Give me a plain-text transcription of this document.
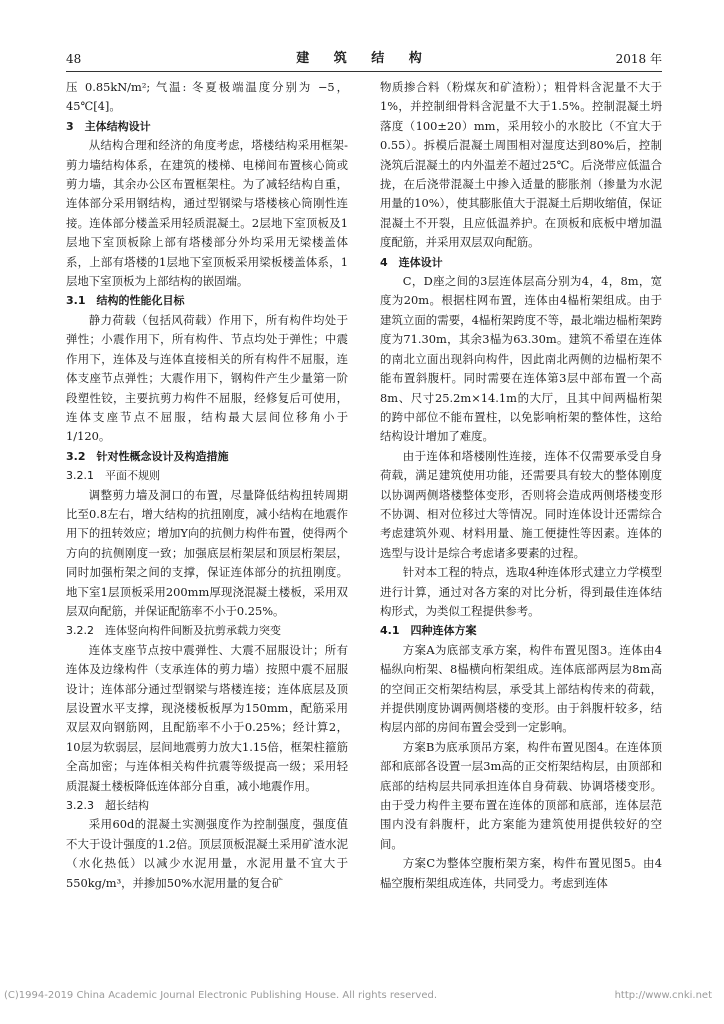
48	建 筑 结 构	2018 年

压 0.85kN/m²; 气温: 冬夏极端温度分别为 −5，45℃[4]。

3　主体结构设计

从结构合理和经济的角度考虑，塔楼结构采用框架-剪力墙结构体系，在建筑的楼梯、电梯间布置核心筒或剪力墙，其余办公区布置框架柱。为了减轻结构自重，连体部分采用钢结构，通过型钢梁与塔楼核心筒刚性连接。连体部分楼盖采用轻质混凝土。2层地下室顶板及1层地下室顶板除上部有塔楼部分外均采用无梁楼盖体系，上部有塔楼的1层地下室顶板采用梁板楼盖体系，1层地下室顶板为上部结构的嵌固端。

3.1　结构的性能化目标

静力荷载（包括风荷载）作用下，所有构件均处于弹性；小震作用下，所有构件、节点均处于弹性；中震作用下，连体及与连体直接相关的所有构件不屈服，连体支座节点弹性；大震作用下，钢构件产生少量第一阶段塑性铰，主要抗剪力构件不屈服，经修复后可使用，连体支座节点不屈服，结构最大层间位移角小于1/120。

3.2　针对性概念设计及构造措施
3.2.1　平面不规则

调整剪力墙及洞口的布置，尽量降低结构扭转周期比至0.8左右，增大结构的抗扭刚度，减小结构在地震作用下的扭转效应；增加Y向的抗侧力构件布置，使得两个方向的抗侧刚度一致；加强底层桁架层和顶层桁架层，同时加强桁架之间的支撑，保证连体部分的抗扭刚度。地下室1层顶板采用200mm厚现浇混凝土楼板，采用双层双向配筋，并保证配筋率不小于0.25%。

3.2.2　连体竖向构件间断及抗剪承载力突变

连体支座节点按中震弹性、大震不屈服设计；所有连体及边缘构件（支承连体的剪力墙）按照中震不屈服设计；连体部分通过型钢梁与塔楼连接；连体底层及顶层设置水平支撑，现浇楼板板厚为150mm，配筋采用双层双向钢筋网，且配筋率不小于0.25%；经计算2，10层为软弱层，层间地震剪力放大1.15倍，框架柱箍筋全高加密；与连体相关构件抗震等级提高一级；采用轻质混凝土楼板降低连体部分自重，减小地震作用。

3.2.3　超长结构

采用60d的混凝土实测强度作为控制强度，强度值不大于设计强度的1.2倍。顶层顶板混凝土采用矿渣水泥（水化热低）以减少水泥用量，水泥用量不宜大于550kg/m³，并掺加50%水泥用量的复合矿

物质掺合料（粉煤灰和矿渣粉）；粗骨料含泥量不大于1%，并控制细骨料含泥量不大于1.5%。控制混凝土坍落度（100±20）mm，采用较小的水胶比（不宜大于0.55）。拆模后混凝土周围相对湿度达到80%后，控制浇筑后混凝土的内外温差不超过25℃。后浇带应低温合拢，在后浇带混凝土中掺入适量的膨胀剂（掺量为水泥用量的10%），使其膨胀值大于混凝土后期收缩值，保证混凝土不开裂，且应低温养护。在顶板和底板中增加温度配筋，并采用双层双向配筋。

4　连体设计

C，D座之间的3层连体层高分别为4，4，8m，宽度为20m。根据柱网布置，连体由4榀桁架组成。由于建筑立面的需要，4榀桁架跨度不等，最北端边榀桁架跨度为71.30m，其余3榀为63.30m。建筑不希望在连体的南北立面出现斜向构件，因此南北两侧的边榀桁架不能布置斜腹杆。同时需要在连体第3层中部布置一个高8m、尺寸25.2m×14.1m的大厅，且其中间两榀桁架的跨中部位不能布置柱，以免影响桁架的整体性，这给结构设计增加了难度。

由于连体和塔楼刚性连接，连体不仅需要承受自身荷载，满足建筑使用功能，还需要具有较大的整体刚度以协调两侧塔楼整体变形，否则将会造成两侧塔楼变形不协调、相对位移过大等情况。同时连体设计还需综合考虑建筑外观、材料用量、施工便捷性等因素。连体的选型与设计是综合考虑诸多要素的过程。

针对本工程的特点，选取4种连体形式建立力学模型进行计算，通过对各方案的对比分析，得到最佳连体结构形式，为类似工程提供参考。

4.1　四种连体方案

方案A为底部支承方案，构件布置见图3。连体由4榀纵向桁架、8榀横向桁架组成。连体底部两层为8m高的空间正交桁架结构层，承受其上部结构传来的荷载，并提供刚度协调两侧塔楼的变形。由于斜腹杆较多，结构层内部的房间布置会受到一定影响。

方案B为底承顶吊方案，构件布置见图4。在连体顶部和底部各设置一层3m高的正交桁架结构层，由顶部和底部的结构层共同承担连体自身荷载、协调塔楼变形。由于受力构件主要布置在连体的顶部和底部，连体层范围内没有斜腹杆，此方案能为建筑使用提供较好的空间。

方案C为整体空腹桁架方案，构件布置见图5。由4榀空腹桁架组成连体，共同受力。考虑到连体

(C)1994-2019 China Academic Journal Electronic Publishing House. All rights reserved.	http://www.cnki.net
